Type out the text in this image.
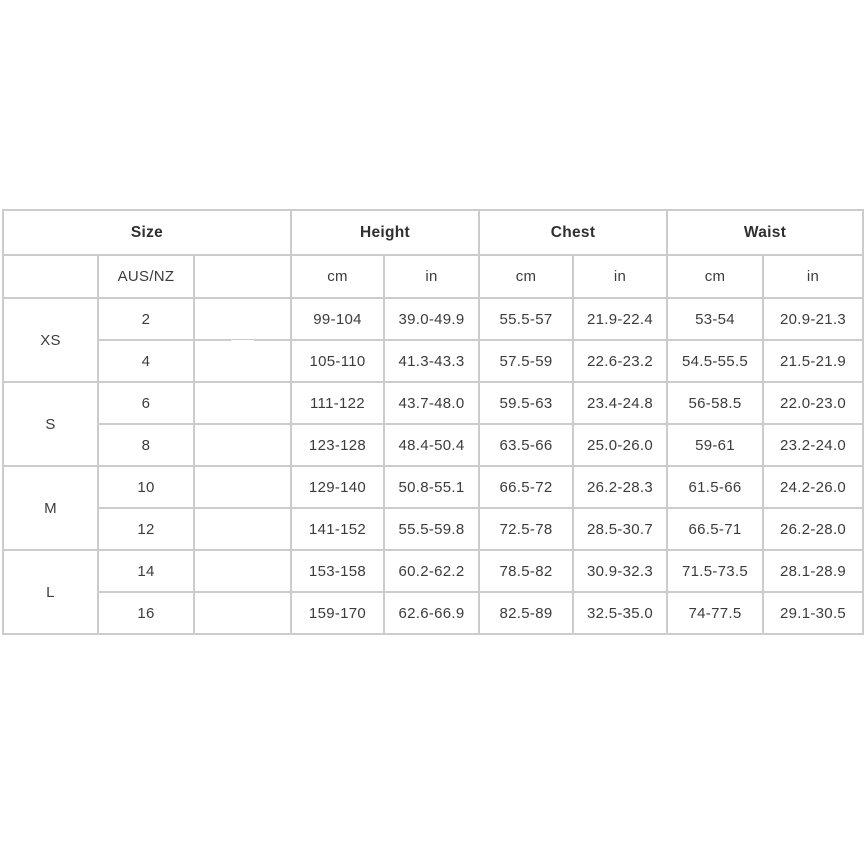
Size			Height		Chest		Waist	
	AUS/NZ		cm	in	cm	in	cm	in
XS	2		99-104	39.0-49.9	55.5-57	21.9-22.4	53-54	20.9-21.3
	4		105-110	41.3-43.3	57.5-59	22.6-23.2	54.5-55.5	21.5-21.9
S	6		111-122	43.7-48.0	59.5-63	23.4-24.8	56-58.5	22.0-23.0
	8		123-128	48.4-50.4	63.5-66	25.0-26.0	59-61	23.2-24.0
M	10		129-140	50.8-55.1	66.5-72	26.2-28.3	61.5-66	24.2-26.0
	12		141-152	55.5-59.8	72.5-78	28.5-30.7	66.5-71	26.2-28.0
L	14		153-158	60.2-62.2	78.5-82	30.9-32.3	71.5-73.5	28.1-28.9
	16		159-170	62.6-66.9	82.5-89	32.5-35.0	74-77.5	29.1-30.5
